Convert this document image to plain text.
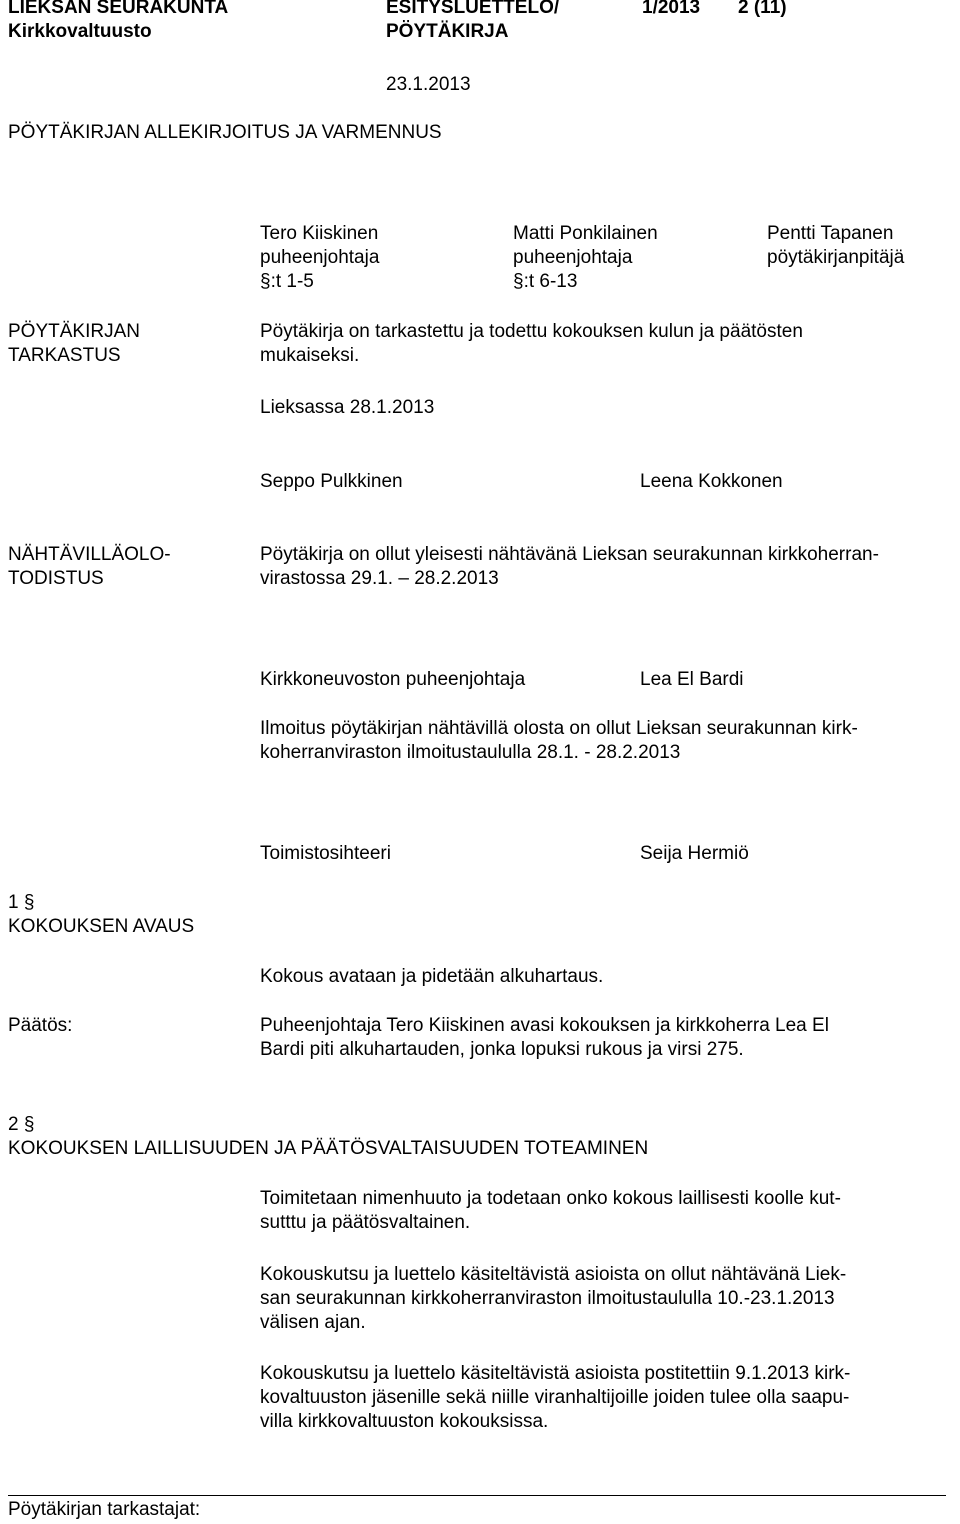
LIEKSAN SEURAKUNTA
Kirkkovaltuusto
ESITYSLUETTELO/
PÖYTÄKIRJA
1/2013 2 (11)
23.1.2013
PÖYTÄKIRJAN ALLEKIRJOITUS JA VARMENNUS
Tero Kiiskinen
puheenjohtaja
§:t 1-5
Matti Ponkilainen
puheenjohtaja
§:t 6-13
Pentti Tapanen
pöytäkirjanpitäjä
PÖYTÄKIRJAN
TARKASTUS
Pöytäkirja on tarkastettu ja todettu kokouksen kulun ja päätösten
mukaiseksi.
Lieksassa 28.1.2013
Seppo Pulkkinen	Leena Kokkonen
NÄHTÄVILLÄOLO-
TODISTUS
Pöytäkirja on ollut yleisesti nähtävänä Lieksan seurakunnan kirkkoherran-
virastossa 29.1. – 28.2.2013
Kirkkoneuvoston puheenjohtaja	Lea El Bardi
Ilmoitus pöytäkirjan nähtävillä olosta on ollut Lieksan seurakunnan kirk-
koherranviraston ilmoitustaululla 28.1. - 28.2.2013
Toimistosihteeri	Seija Hermiö
1 §
KOKOUKSEN AVAUS
Kokous avataan ja pidetään alkuhartaus.
Päätös:	Puheenjohtaja Tero Kiiskinen avasi kokouksen ja kirkkoherra Lea El
Bardi piti alkuhartauden, jonka lopuksi rukous ja virsi 275.
2 §
KOKOUKSEN LAILLISUUDEN JA PÄÄTÖSVALTAISUUDEN TOTEAMINEN
Toimitetaan nimenhuuto ja todetaan onko kokous laillisesti koolle kut-
sutttu ja päätösvaltainen.
Kokouskutsu ja luettelo käsiteltävistä asioista on ollut nähtävänä Liek-
san seurakunnan kirkkoherranviraston ilmoitustaululla 10.-23.1.2013
välisen ajan.
Kokouskutsu ja luettelo käsiteltävistä asioista postitettiin 9.1.2013 kirk-
kovaltuuston jäsenille sekä niille viranhaltijoille joiden tulee olla saapu-
villa kirkkovaltuuston kokouksissa.
Pöytäkirjan tarkastajat:
